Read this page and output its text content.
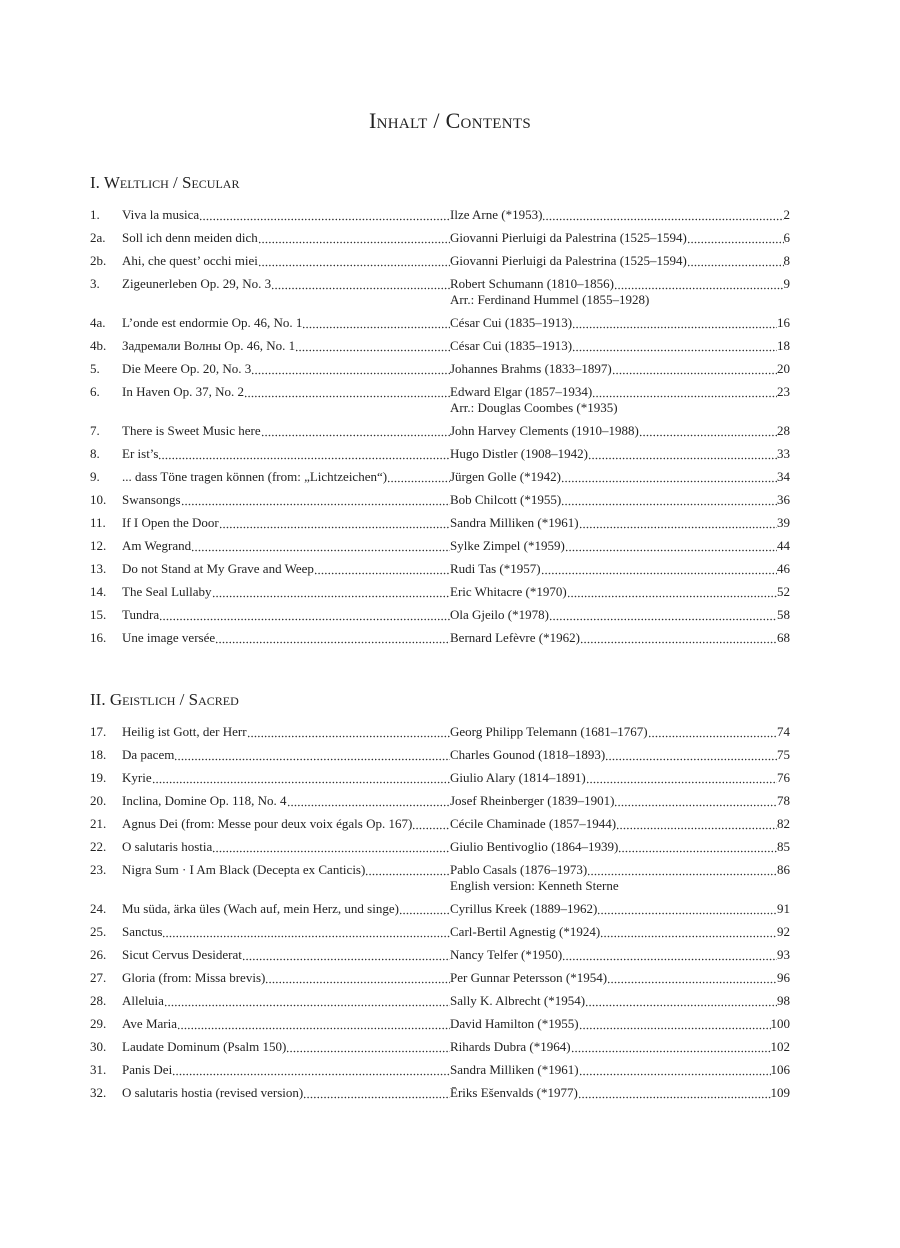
Inhalt / Contents
I. Weltlich / Secular
1.	Viva la musica	Ilze Arne (*1953)	2
2a.	Soll ich denn meiden dich	Giovanni Pierluigi da Palestrina (1525–1594)	6
2b.	Ahi, che quest’ occhi miei	Giovanni Pierluigi da Palestrina (1525–1594)	8
3.	Zigeunerleben Op. 29, No. 3	Robert Schumann (1810–1856)	9
Arr.: Ferdinand Hummel (1855–1928)
4a.	L’onde est endormie Op. 46, No. 1	César Cui (1835–1913)	16
4b.	Задремали Волны Op. 46, No. 1	César Cui (1835–1913)	18
5.	Die Meere Op. 20, No. 3	Johannes Brahms (1833–1897)	20
6.	In Haven Op. 37, No. 2	Edward Elgar (1857–1934)	23
Arr.: Douglas Coombes (*1935)
7.	There is Sweet Music here	John Harvey Clements (1910–1988)	28
8.	Er ist’s	Hugo Distler (1908–1942)	33
9.	... dass Töne tragen können (from: „Lichtzeichen“)	Jürgen Golle (*1942)	34
10.	Swansongs	Bob Chilcott (*1955)	36
11.	If I Open the Door	Sandra Milliken (*1961)	39
12.	Am Wegrand	Sylke Zimpel (*1959)	44
13.	Do not Stand at My Grave and Weep	Rudi Tas (*1957)	46
14.	The Seal Lullaby	Eric Whitacre (*1970)	52
15.	Tundra	Ola Gjeilo (*1978)	58
16.	Une image versée	Bernard Lefèvre (*1962)	68
II. Geistlich / Sacred
17.	Heilig ist Gott, der Herr	Georg Philipp Telemann (1681–1767)	74
18.	Da pacem	Charles Gounod (1818–1893)	75
19.	Kyrie	Giulio Alary (1814–1891)	76
20.	Inclina, Domine Op. 118, No. 4	Josef Rheinberger (1839–1901)	78
21.	Agnus Dei (from: Messe pour deux voix égals Op. 167)	Cécile Chaminade (1857–1944)	82
22.	O salutaris hostia	Giulio Bentivoglio (1864–1939)	85
23.	Nigra Sum · I Am Black (Decepta ex Canticis)	Pablo Casals (1876–1973)	86
English version: Kenneth Sterne
24.	Mu süda, ärka üles (Wach auf, mein Herz, und singe)	Cyrillus Kreek (1889–1962)	91
25.	Sanctus	Carl-Bertil Agnestig (*1924)	92
26.	Sicut Cervus Desiderat	Nancy Telfer (*1950)	93
27.	Gloria (from: Missa brevis)	Per Gunnar Petersson (*1954)	96
28.	Alleluia	Sally K. Albrecht (*1954)	98
29.	Ave Maria	David Hamilton (*1955)	100
30.	Laudate Dominum (Psalm 150)	Rihards Dubra (*1964)	102
31.	Panis Dei	Sandra Milliken (*1961)	106
32.	O salutaris hostia (revised version)	Ēriks Ešenvalds (*1977)	109
